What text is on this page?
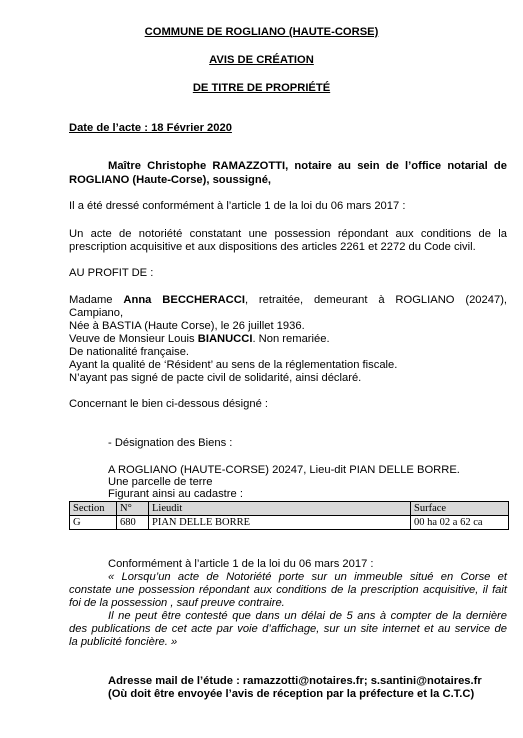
COMMUNE DE ROGLIANO (HAUTE-CORSE)
AVIS DE CRÉATION
DE TITRE DE PROPRIÉTÉ
Date de l’acte : 18 Février 2020
Maître Christophe RAMAZZOTTI, notaire au sein de l’office notarial de
ROGLIANO (Haute-Corse), soussigné,
Il a été dressé conformément à l’article 1 de la loi du 06 mars 2017 :
Un acte de notoriété constatant une possession répondant aux conditions de la
prescription acquisitive et aux dispositions des articles 2261 et 2272 du Code civil.
AU PROFIT DE :
Madame Anna BECCHERACCI, retraitée, demeurant à ROGLIANO (20247),
Campiano,
Née à BASTIA (Haute Corse), le 26 juillet 1936.
Veuve de Monsieur Louis BIANUCCI. Non remariée.
De nationalité française.
Ayant la qualité de ‘Résident’ au sens de la réglementation fiscale.
N’ayant pas signé de pacte civil de solidarité, ainsi déclaré.
Concernant le bien ci-dessous désigné :
- Désignation des Biens :
A ROGLIANO (HAUTE-CORSE) 20247, Lieu-dit PIAN DELLE BORRE.
Une parcelle de terre
Figurant ainsi au cadastre :
Section	N°	Lieudit	Surface
G	680	PIAN DELLE BORRE	00 ha 02 a 62 ca
Conformément à l’article 1 de la loi du 06 mars 2017 :
« Lorsqu’un acte de Notoriété porte sur un immeuble situé en Corse et
constate une possession répondant aux conditions de la prescription acquisitive, il fait
foi de la possession , sauf preuve contraire.
Il ne peut être contesté que dans un délai de 5 ans à compter de la dernière
des publications de cet acte par voie d’affichage, sur un site internet et au service de
la publicité foncière. »
Adresse mail de l’étude : ramazzotti@notaires.fr; s.santini@notaires.fr
(Où doit être envoyée l’avis de réception par la préfecture et la C.T.C)
